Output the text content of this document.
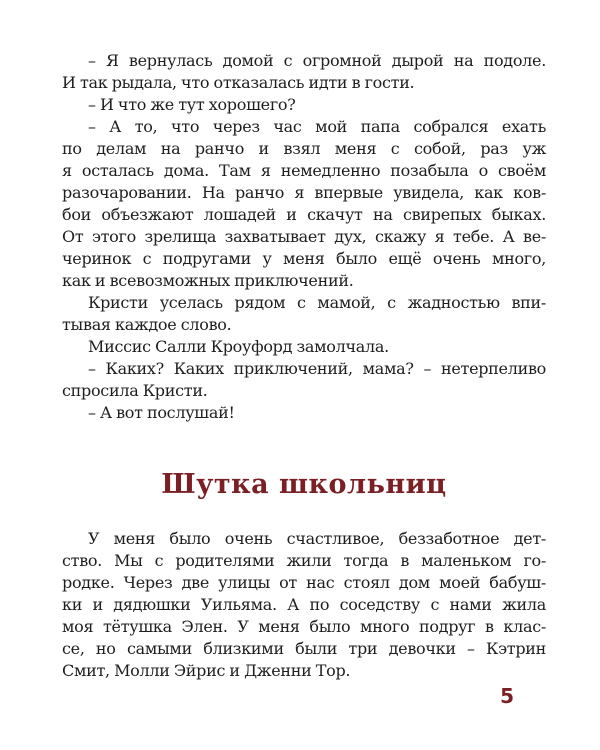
– Я вернулась домой с огромной дырой на подоле.
И так рыдала, что отказалась идти в гости.
– И что же тут хорошего?
– А то, что через час мой папа собрался ехать
по делам на ранчо и взял меня с собой, раз уж
я осталась дома. Там я немедленно позабыла о своём
разочаровании. На ранчо я впервые увидела, как ков-
бои объезжают лошадей и скачут на свирепых быках.
От этого зрелища захватывает дух, скажу я тебе. А ве-
черинок с подругами у меня было ещё очень много,
как и всевозможных приключений.
Кристи уселась рядом с мамой, с жадностью впи-
тывая каждое слово.
Миссис Салли Кроуфорд замолчала.
– Каких? Каких приключений, мама? – нетерпеливо
спросила Кристи.
– А вот послушай!
Шутка школьниц
У меня было очень счастливое, беззаботное дет-
ство. Мы с родителями жили тогда в маленьком го-
родке. Через две улицы от нас стоял дом моей бабуш-
ки и дядюшки Уильяма. А по соседству с нами жила
моя тётушка Элен. У меня было много подруг в клас-
се, но самыми близкими были три девочки – Кэтрин
Смит, Молли Эйрис и Дженни Тор.
5
